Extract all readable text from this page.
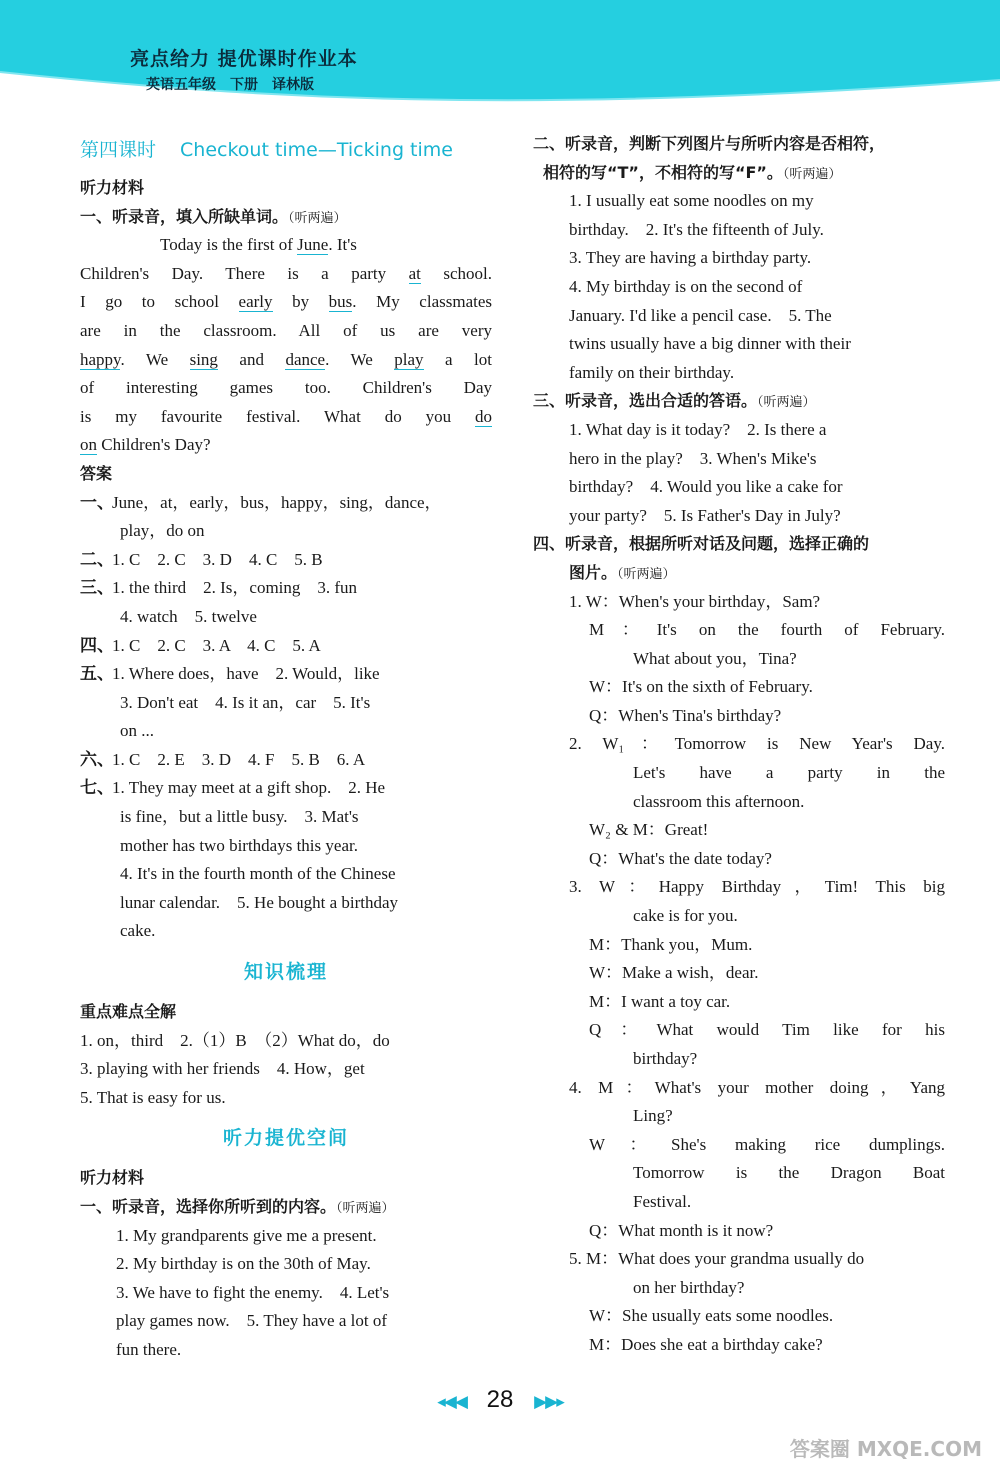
亮点给力 提优课时作业本
英语五年级　下册　译林版
第四课时 Checkout time—Ticking time
听力材料
一、听录音，填入所缺单词。（听两遍）
Today is the first of June. It's
Children's Day. There is a party at school.
I go to school early by bus. My classmates
are in the classroom. All of us are very
happy. We sing and dance. We play a lot
of interesting games too. Children's Day
is my favourite festival. What do you do
on Children's Day?
答案
一、June，at，early，bus，happy，sing，dance，
play，do on
二、1. C　2. C　3. D　4. C　5. B
三、1. the third　2. Is，coming　3. fun
4. watch　5. twelve
四、1. C　2. C　3. A　4. C　5. A
五、1. Where does，have　2. Would，like
3. Don't eat　4. Is it an，car　5. It's
on ...
六、1. C　2. E　3. D　4. F　5. B　6. A
七、1. They may meet at a gift shop.　2. He
is fine，but a little busy.　3. Mat's
mother has two birthdays this year.
4. It's in the fourth month of the Chinese
lunar calendar.　5. He bought a birthday
cake.
知识梳理
重点难点全解
1. on，third　2.（1）B　（2）What do，do
3. playing with her friends　4. How，get
5. That is easy for us.
听力提优空间
听力材料
一、听录音，选择你所听到的内容。（听两遍）
1. My grandparents give me a present.
2. My birthday is on the 30th of May.
3. We have to fight the enemy.　4. Let's
play games now.　5. They have a lot of
fun there.
二、听录音，判断下列图片与所听内容是否相符，
相符的写“T”，不相符的写“F”。（听两遍）
1. I usually eat some noodles on my
birthday.　2. It's the fifteenth of July.
3. They are having a birthday party.
4. My birthday is on the second of
January. I'd like a pencil case.　5. The
twins usually have a big dinner with their
family on their birthday.
三、听录音，选出合适的答语。（听两遍）
1. What day is it today?　2. Is there a
hero in the play?　3. When's Mike's
birthday?　4. Would you like a cake for
your party?　5. Is Father's Day in July?
四、听录音，根据所听对话及问题，选择正确的
图片。（听两遍）
1. W：When's your birthday，Sam?
M：It's on the fourth of February.
What about you，Tina?
W：It's on the sixth of February.
Q：When's Tina's birthday?
2. W₁：Tomorrow is New Year's Day.
Let's have a party in the
classroom this afternoon.
W₂ & M：Great!
Q：What's the date today?
3. W：Happy Birthday，Tim! This big
cake is for you.
M：Thank you，Mum.
W：Make a wish，dear.
M：I want a toy car.
Q：What would Tim like for his
birthday?
4. M：What's your mother doing，Yang
Ling?
W：She's making rice dumplings.
Tomorrow is the Dragon Boat
Festival.
Q：What month is it now?
5. M：What does your grandma usually do
on her birthday?
W：She usually eats some noodles.
M：Does she eat a birthday cake?
◂◀◀ 28 ▶▶▸
答案圈 MXQE.COM
